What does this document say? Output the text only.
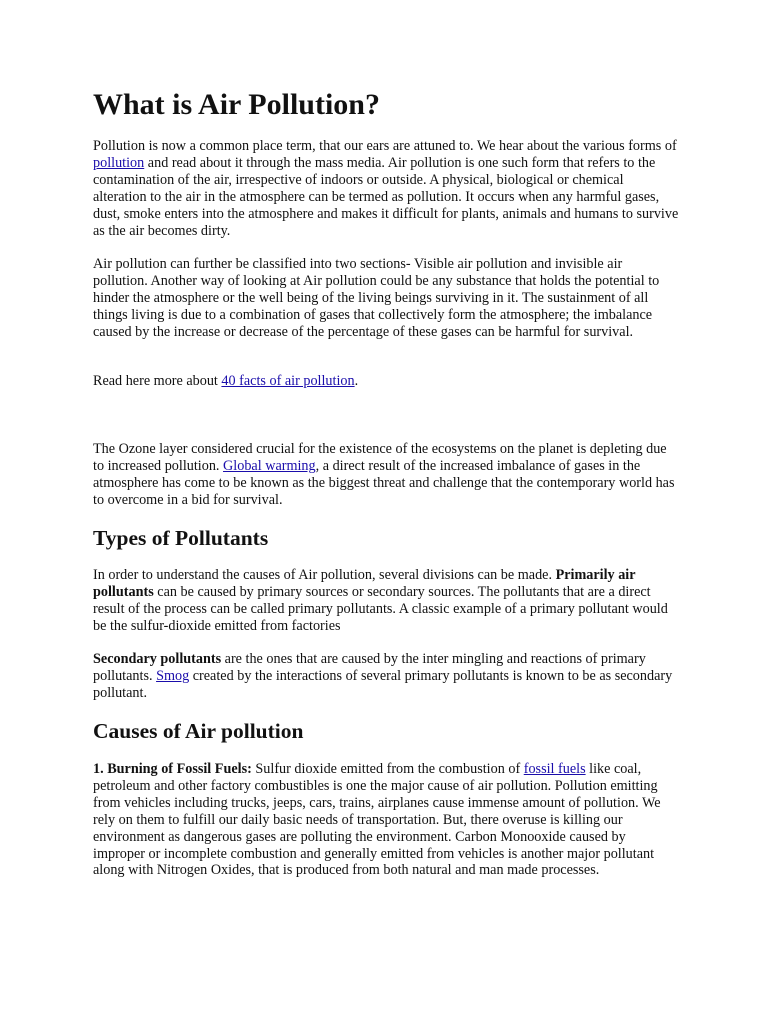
What is Air Pollution?

Pollution is now a common place term, that our ears are attuned to. We hear about the various forms of pollution and read about it through the mass media. Air pollution is one such form that refers to the contamination of the air, irrespective of indoors or outside. A physical, biological or chemical alteration to the air in the atmosphere can be termed as pollution. It occurs when any harmful gases, dust, smoke enters into the atmosphere and makes it difficult for plants, animals and humans to survive as the air becomes dirty.

Air pollution can further be classified into two sections- Visible air pollution and invisible air pollution. Another way of looking at Air pollution could be any substance that holds the potential to hinder the atmosphere or the well being of the living beings surviving in it. The sustainment of all things living is due to a combination of gases that collectively form the atmosphere; the imbalance caused by the increase or decrease of the percentage of these gases can be harmful for survival.

Read here more about 40 facts of air pollution.

The Ozone layer considered crucial for the existence of the ecosystems on the planet is depleting due to increased pollution. Global warming, a direct result of the increased imbalance of gases in the atmosphere has come to be known as the biggest threat and challenge that the contemporary world has to overcome in a bid for survival.

Types of Pollutants

In order to understand the causes of Air pollution, several divisions can be made. Primarily air pollutants can be caused by primary sources or secondary sources. The pollutants that are a direct result of the process can be called primary pollutants. A classic example of a primary pollutant would be the sulfur-dioxide emitted from factories

Secondary pollutants are the ones that are caused by the inter mingling and reactions of primary pollutants. Smog created by the interactions of several primary pollutants is known to be as secondary pollutant.

Causes of Air pollution

1. Burning of Fossil Fuels: Sulfur dioxide emitted from the combustion of fossil fuels like coal, petroleum and other factory combustibles is one the major cause of air pollution. Pollution emitting from vehicles including trucks, jeeps, cars, trains, airplanes cause immense amount of pollution. We rely on them to fulfill our daily basic needs of transportation. But, there overuse is killing our environment as dangerous gases are polluting the environment. Carbon Monooxide caused by improper or incomplete combustion and generally emitted from vehicles is another major pollutant along with Nitrogen Oxides, that is produced from both natural and man made processes.
